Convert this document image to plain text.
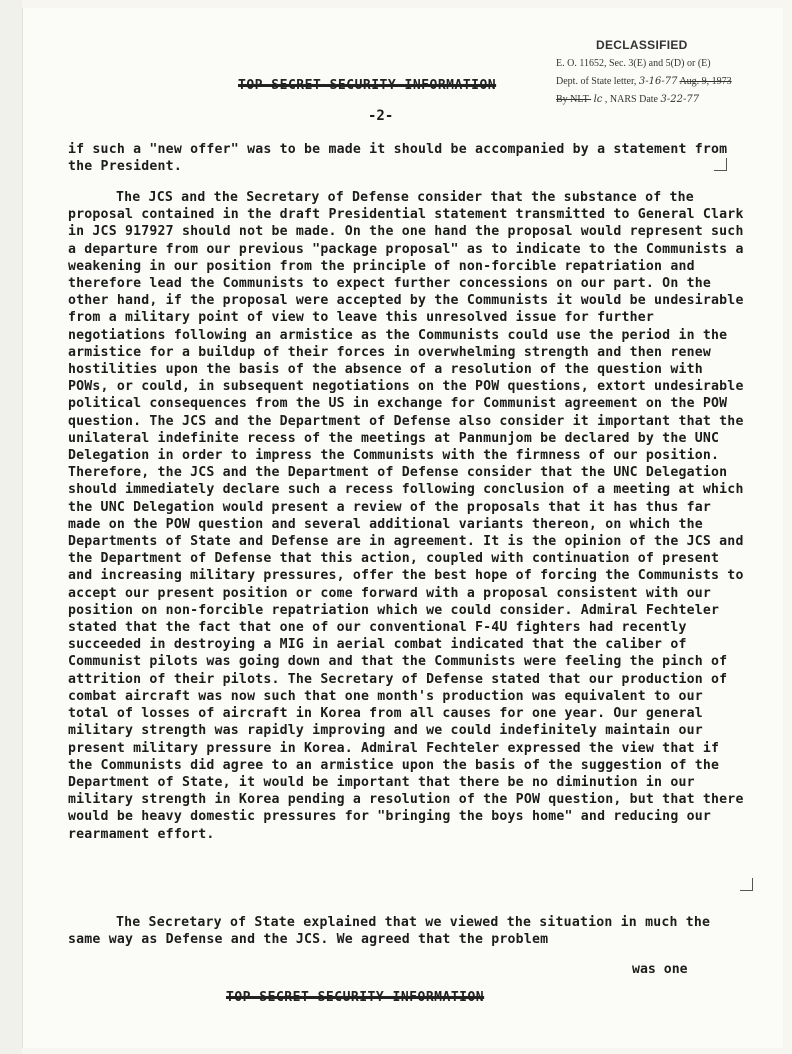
DECLASSIFIED
E. O. 11652, Sec. 3(E) and 5(D) or (E)
Dept. of State letter, 3-16-77 Aug. 9, 1973
By NLT- lc , NARS Date 3-22-77
TOP SECRET SECURITY INFORMATION
-2-

if such a "new offer" was to be made it should be accompanied by a statement from the President.

The JCS and the Secretary of Defense consider that the substance of the proposal contained in the draft Presidential statement transmitted to General Clark in JCS 917927 should not be made. On the one hand the proposal would represent such a departure from our previous "package proposal" as to indicate to the Communists a weakening in our position from the principle of non-forcible repatriation and therefore lead the Communists to expect further concessions on our part. On the other hand, if the proposal were accepted by the Communists it would be undesirable from a military point of view to leave this unresolved issue for further negotiations following an armistice as the Communists could use the period in the armistice for a buildup of their forces in overwhelming strength and then renew hostilities upon the basis of the absence of a resolution of the question with POWs, or could, in subsequent negotiations on the POW questions, extort undesirable political consequences from the US in exchange for Communist agreement on the POW question. The JCS and the Department of Defense also consider it important that the unilateral indefinite recess of the meetings at Panmunjom be declared by the UNC Delegation in order to impress the Communists with the firmness of our position. Therefore, the JCS and the Department of Defense consider that the UNC Delegation should immediately declare such a recess following conclusion of a meeting at which the UNC Delegation would present a review of the proposals that it has thus far made on the POW question and several additional variants thereon, on which the Departments of State and Defense are in agreement. It is the opinion of the JCS and the Department of Defense that this action, coupled with continuation of present and increasing military pressures, offer the best hope of forcing the Communists to accept our present position or come forward with a proposal consistent with our position on non-forcible repatriation which we could consider. Admiral Fechteler stated that the fact that one of our conventional F-4U fighters had recently succeeded in destroying a MIG in aerial combat indicated that the caliber of Communist pilots was going down and that the Communists were feeling the pinch of attrition of their pilots. The Secretary of Defense stated that our production of combat aircraft was now such that one month's production was equivalent to our total of losses of aircraft in Korea from all causes for one year. Our general military strength was rapidly improving and we could indefinitely maintain our present military pressure in Korea. Admiral Fechteler expressed the view that if the Communists did agree to an armistice upon the basis of the suggestion of the Department of State, it would be important that there be no diminution in our military strength in Korea pending a resolution of the POW question, but that there would be heavy domestic pressures for "bringing the boys home" and reducing our rearmament effort.

The Secretary of State explained that we viewed the situation in much the same way as Defense and the JCS. We agreed that the problem

was one
TOP SECRET SECURITY INFORMATION
